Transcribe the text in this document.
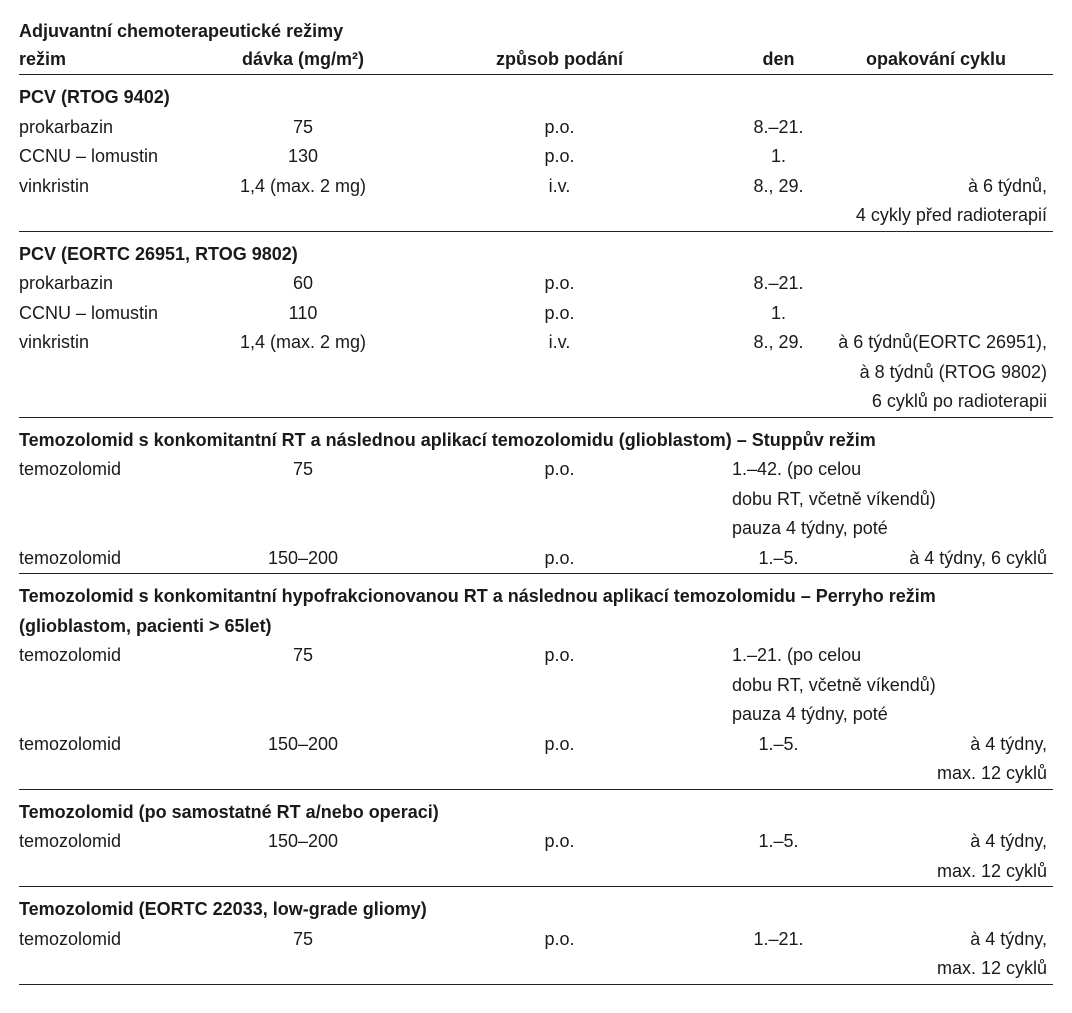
Adjuvantní chemoterapeutické režimy
režim	dávka (mg/m²)	způsob podání	den	opakování cyklu
PCV (RTOG 9402)
prokarbazin	75	p.o.	8.–21.
CCNU – lomustin	130	p.o.	1.
vinkristin	1,4 (max. 2 mg)	i.v.	8., 29.	à 6 týdnů,
4 cykly před radioterapií
PCV (EORTC 26951, RTOG 9802)
prokarbazin	60	p.o.	8.–21.
CCNU – lomustin	110	p.o.	1.
vinkristin	1,4 (max. 2 mg)	i.v.	8., 29.	à 6 týdnů(EORTC 26951),
à 8 týdnů (RTOG 9802)
6 cyklů po radioterapii
Temozolomid s konkomitantní RT a následnou aplikací temozolomidu (glioblastom) – Stuppův režim
temozolomid	75	p.o.	1.–42. (po celou
dobu RT, včetně víkendů)
pauza 4 týdny, poté
temozolomid	150–200	p.o.	1.–5.	à 4 týdny, 6 cyklů
Temozolomid s konkomitantní hypofrakcionovanou RT a následnou aplikací temozolomidu – Perryho režim
(glioblastom, pacienti > 65let)
temozolomid	75	p.o.	1.–21. (po celou
dobu RT, včetně víkendů)
pauza 4 týdny, poté
temozolomid	150–200	p.o.	1.–5.	à 4 týdny,
max. 12 cyklů
Temozolomid (po samostatné RT a/nebo operaci)
temozolomid	150–200	p.o.	1.–5.	à 4 týdny,
max. 12 cyklů
Temozolomid (EORTC 22033, low-grade gliomy)
temozolomid	75	p.o.	1.–21.	à 4 týdny,
max. 12 cyklů
